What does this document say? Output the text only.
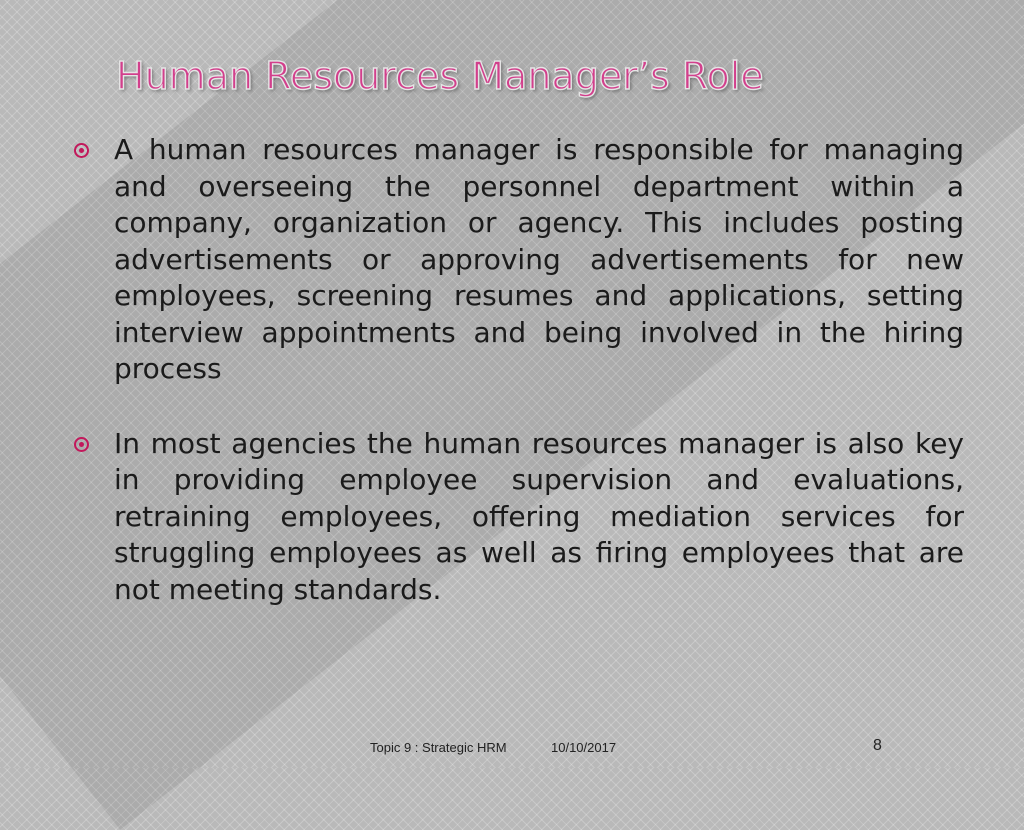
Human Resources Manager’s Role
A human resources manager is responsible for managing and overseeing the personnel department within a company, organization or agency. This includes posting advertisements or approving advertisements for new employees, screening resumes and applications, setting interview appointments and being involved in the hiring process
In most agencies the human resources manager is also key in providing employee supervision and evaluations, retraining employees, offering mediation services for struggling employees as well as firing employees that are not meeting standards.
Topic 9 : Strategic HRM	10/10/2017	8
